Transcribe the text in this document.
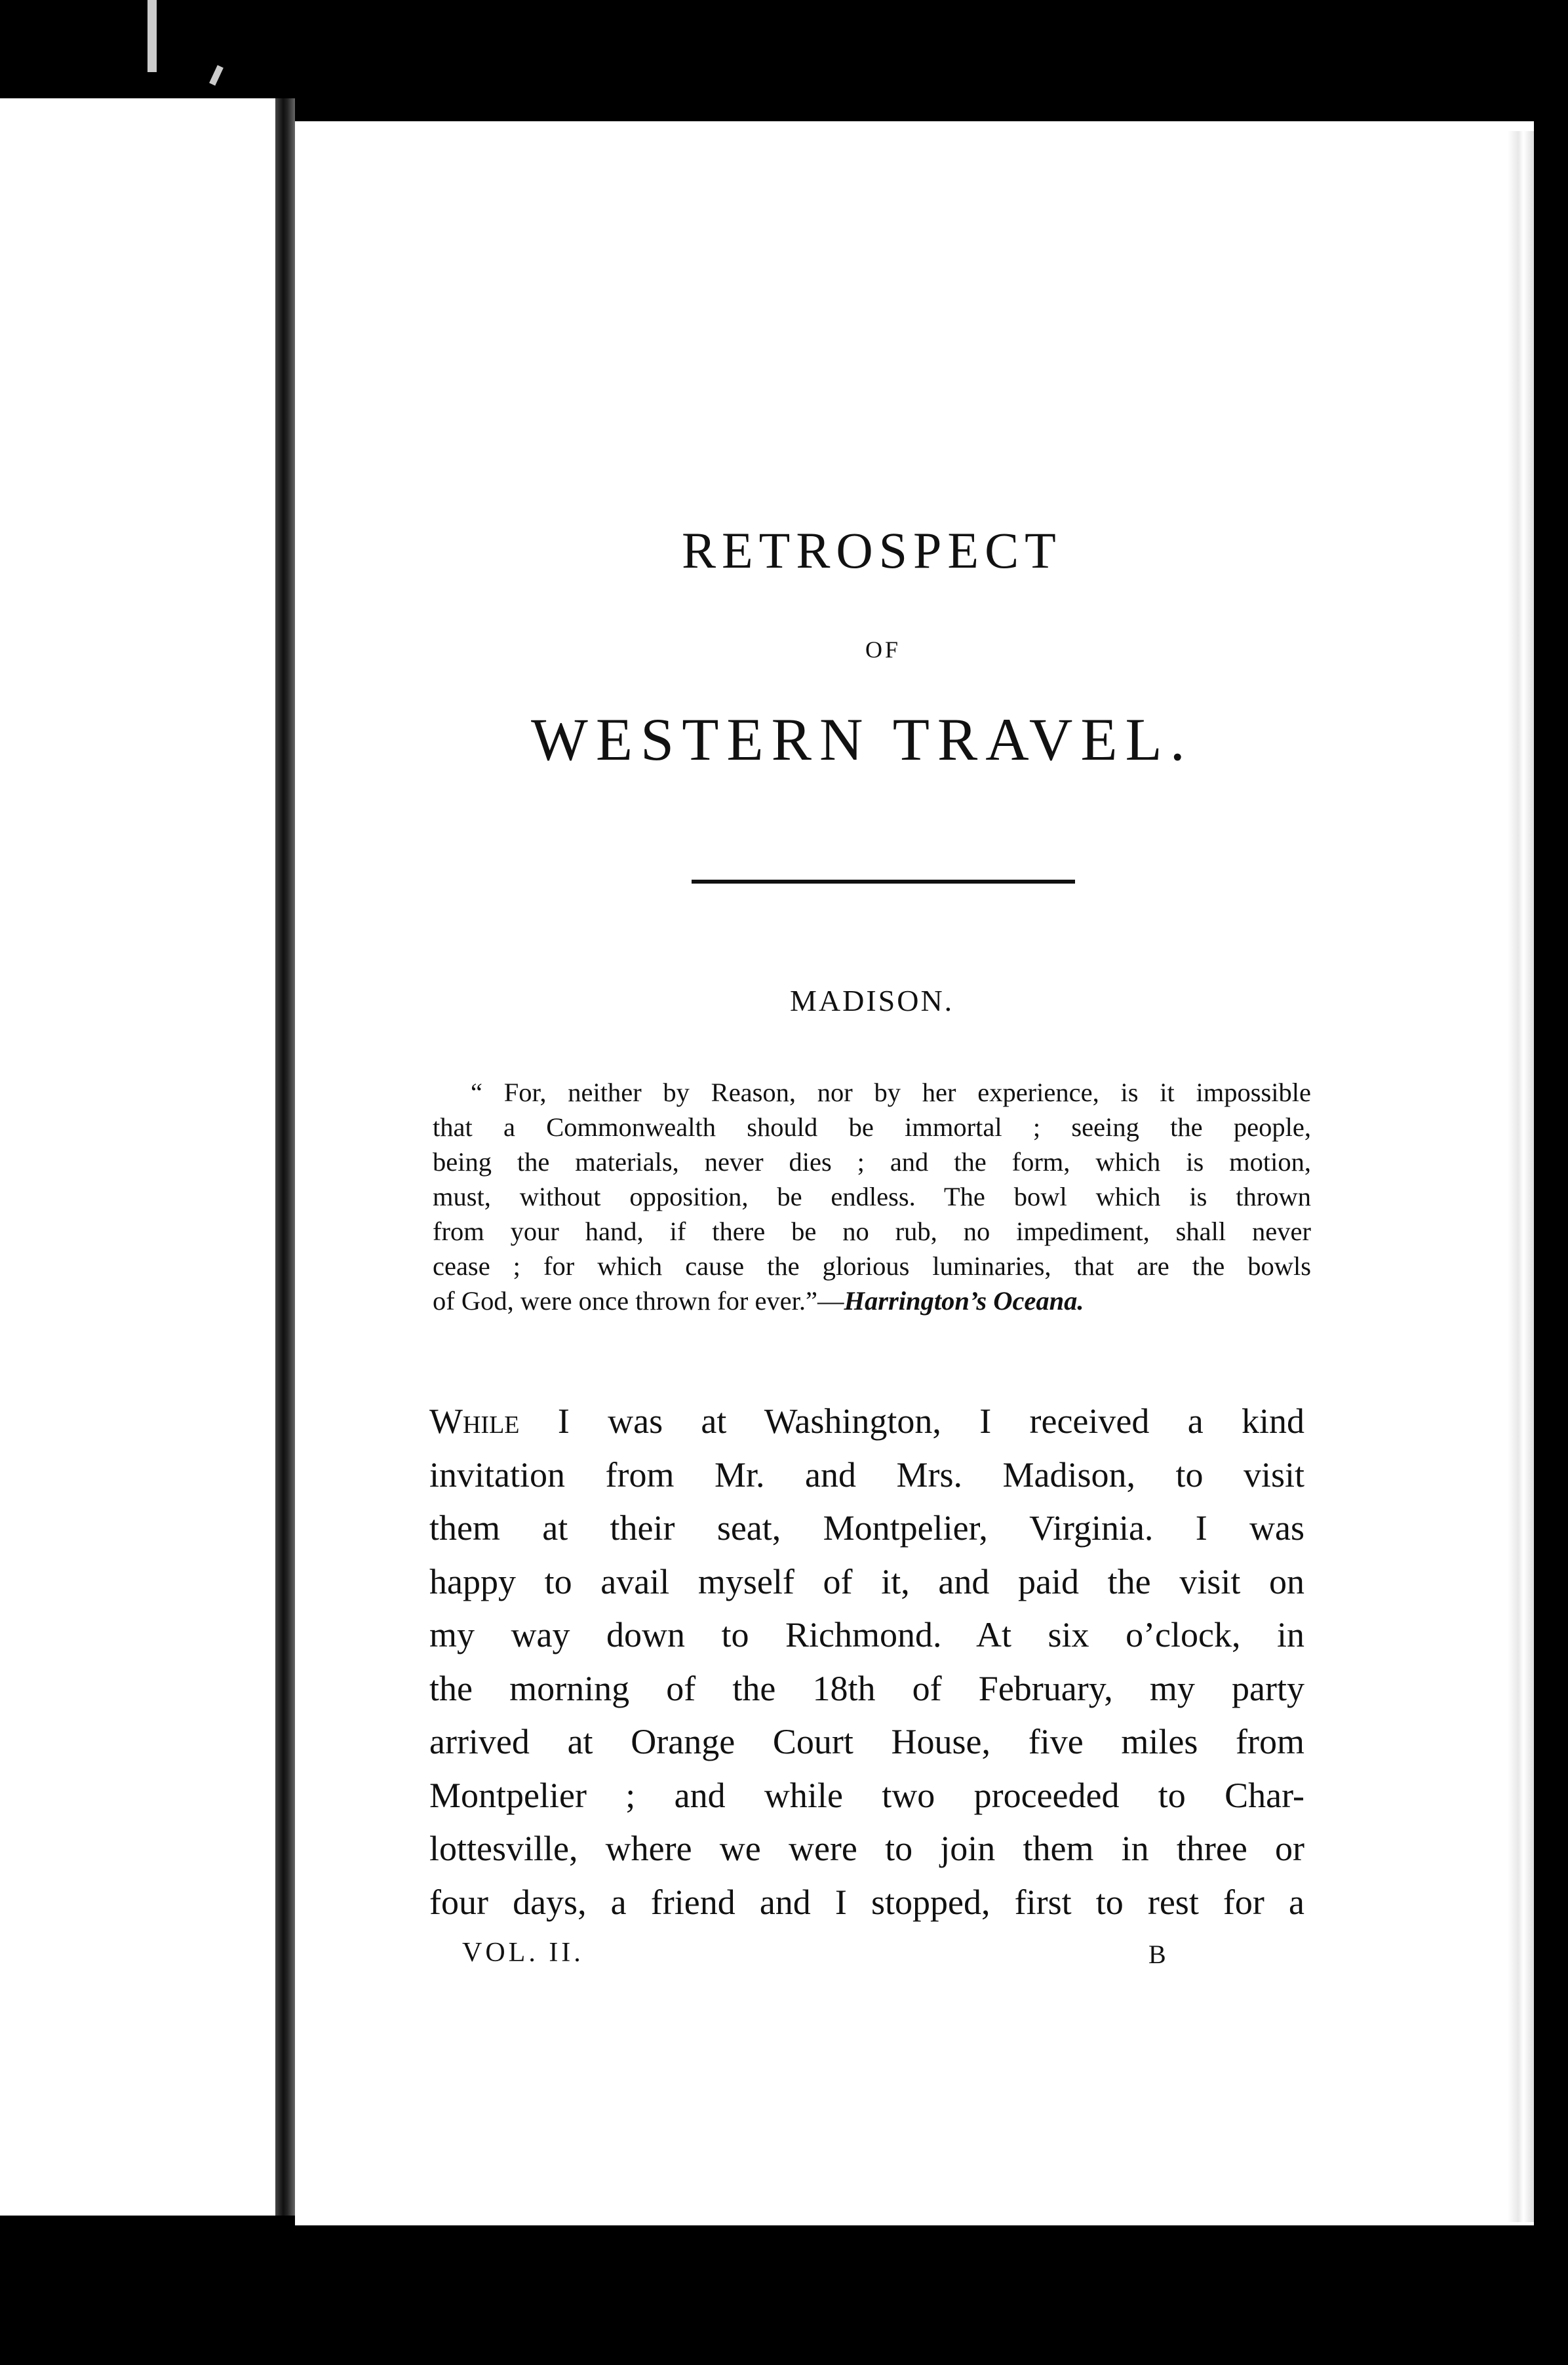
RETROSPECT
OF
WESTERN TRAVEL.
MADISON.
“ For, neither by Reason, nor by her experience, is it impossible
that a Commonwealth should be immortal ; seeing the people,
being the materials, never dies ; and the form, which is motion,
must, without opposition, be endless. The bowl which is thrown
from your hand, if there be no rub, no impediment, shall never
cease ; for which cause the glorious luminaries, that are the bowls
of God, were once thrown for ever.”—Harrington’s Oceana.
While I was at Washington, I received a kind
invitation from Mr. and Mrs. Madison, to visit
them at their seat, Montpelier, Virginia. I was
happy to avail myself of it, and paid the visit on
my way down to Richmond. At six o’clock, in
the morning of the 18th of February, my party
arrived at Orange Court House, five miles from
Montpelier ; and while two proceeded to Char-
lottesville, where we were to join them in three or
four days, a friend and I stopped, first to rest for a
VOL. II.	B
